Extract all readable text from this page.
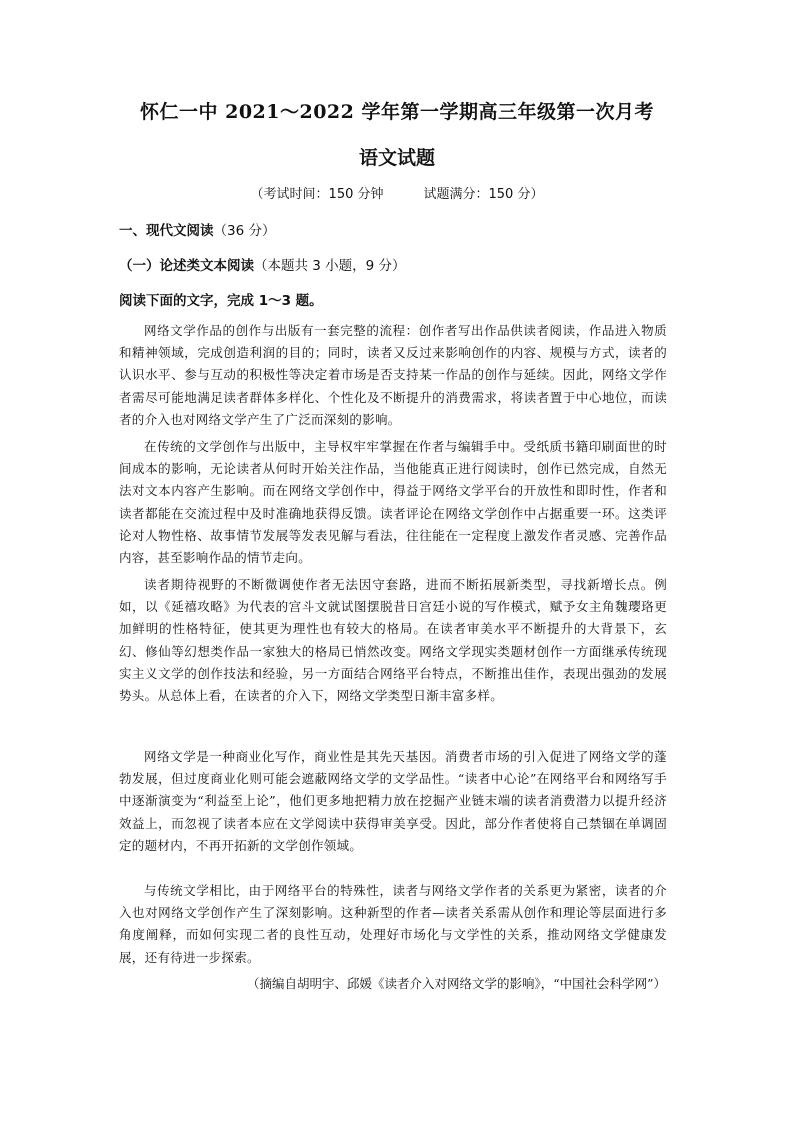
怀仁一中 2021～2022 学年第一学期高三年级第一次月考
语文试题
（考试时间：150 分钟	试题满分：150 分）
一、现代文阅读（36 分）
（一）论述类文本阅读（本题共 3 小题，9 分）
阅读下面的文字，完成 1～3 题。

网络文学作品的创作与出版有一套完整的流程：创作者写出作品供读者阅读，作品进入物质和精神领域，完成创造利润的目的；同时，读者又反过来影响创作的内容、规模与方式，读者的认识水平、参与互动的积极性等决定着市场是否支持某一作品的创作与延续。因此，网络文学作者需尽可能地满足读者群体多样化、个性化及不断提升的消费需求，将读者置于中心地位，而读者的介入也对网络文学产生了广泛而深刻的影响。

在传统的文学创作与出版中，主导权牢牢掌握在作者与编辑手中。受纸质书籍印刷面世的时间成本的影响，无论读者从何时开始关注作品，当他能真正进行阅读时，创作已然完成，自然无法对文本内容产生影响。而在网络文学创作中，得益于网络文学平台的开放性和即时性，作者和读者都能在交流过程中及时准确地获得反馈。读者评论在网络文学创作中占据重要一环。这类评论对人物性格、故事情节发展等发表见解与看法，往往能在一定程度上激发作者灵感、完善作品内容，甚至影响作品的情节走向。

读者期待视野的不断微调使作者无法因守套路，进而不断拓展新类型，寻找新增长点。例如，以《延禧攻略》为代表的宫斗文就试图摆脱昔日宫廷小说的写作模式，赋予女主角魏璎珞更加鲜明的性格特征，使其更为理性也有较大的格局。在读者审美水平不断提升的大背景下，玄幻、修仙等幻想类作品一家独大的格局已悄然改变。网络文学现实类题材创作一方面继承传统现实主义文学的创作技法和经验，另一方面结合网络平台特点，不断推出佳作，表现出强劲的发展势头。从总体上看，在读者的介入下，网络文学类型日渐丰富多样。

网络文学是一种商业化写作，商业性是其先天基因。消费者市场的引入促进了网络文学的蓬勃发展，但过度商业化则可能会遮蔽网络文学的文学品性。“读者中心论”在网络平台和网络写手中逐渐演变为“利益至上论”，他们更多地把精力放在挖掘产业链末端的读者消费潜力以提升经济效益上，而忽视了读者本应在文学阅读中获得审美享受。因此，部分作者使将自己禁锢在单调固定的题材内，不再开拓新的文学创作领域。

与传统文学相比，由于网络平台的特殊性，读者与网络文学作者的关系更为紧密，读者的介入也对网络文学创作产生了深刻影响。这种新型的作者—读者关系需从创作和理论等层面进行多角度阐释，而如何实现二者的良性互动，处理好市场化与文学性的关系，推动网络文学健康发展，还有待进一步探索。

（摘编自胡明宇、邱媛《读者介入对网络文学的影响》，“中国社会科学网”）
